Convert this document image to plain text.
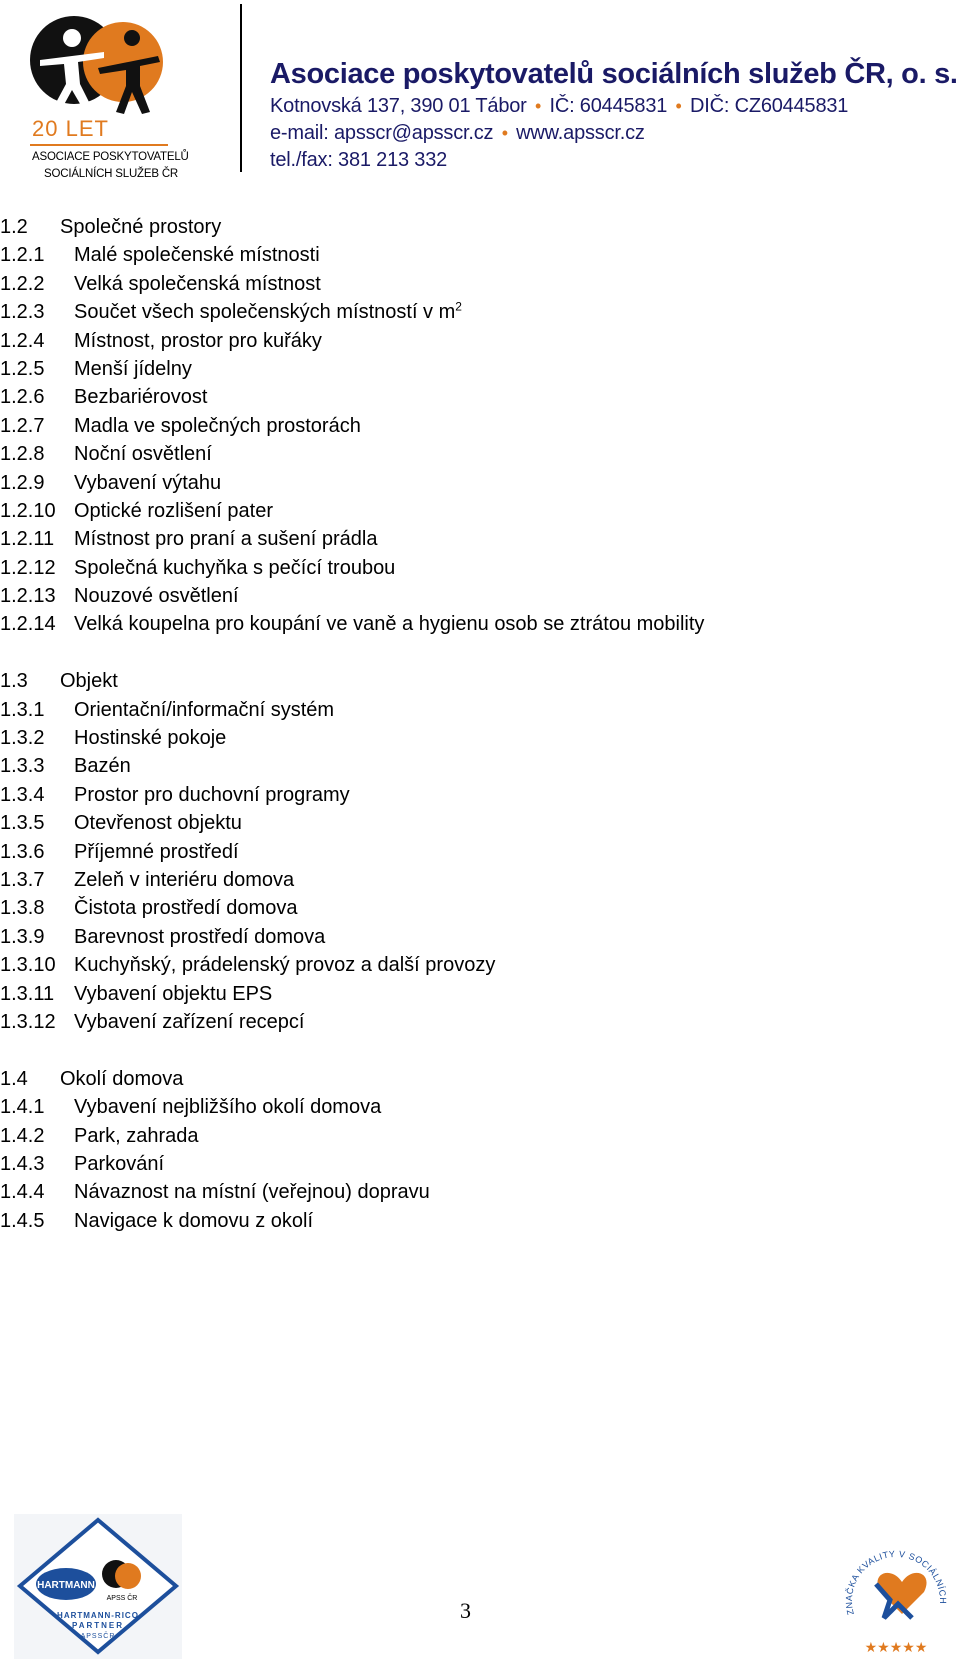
20 LET
ASOCIACE POSKYTOVATELŮ
SOCIÁLNÍCH SLUŽEB ČR
Asociace poskytovatelů sociálních služeb ČR, o. s.
Kotnovská 137, 390 01 Tábor • IČ: 60445831 • DIČ: CZ60445831
e-mail: apsscr@apsscr.cz • www.apsscr.cz
tel./fax: 381 213 332
1.2 Společné prostory
1.2.1 Malé společenské místnosti
1.2.2 Velká společenská místnost
1.2.3 Součet všech společenských místností v $m^2$
1.2.4 Místnost, prostor pro kuřáky
1.2.5 Menší jídelny
1.2.6 Bezbariérovost
1.2.7 Madla ve společných prostorách
1.2.8 Noční osvětlení
1.2.9 Vybavení výtahu
1.2.10 Optické rozlišení pater
1.2.11 Místnost pro praní a sušení prádla
1.2.12 Společná kuchyňka s pečící troubou
1.2.13 Nouzové osvětlení
1.2.14 Velká koupelna pro koupání ve vaně a hygienu osob se ztrátou mobility
1.3 Objekt
1.3.1 Orientační/informační systém
1.3.2 Hostinské pokoje
1.3.3 Bazén
1.3.4 Prostor pro duchovní programy
1.3.5 Otevřenost objektu
1.3.6 Příjemné prostředí
1.3.7 Zeleň v interiéru domova
1.3.8 Čistota prostředí domova
1.3.9 Barevnost prostředí domova
1.3.10 Kuchyňský, prádelenský provoz a další provozy
1.3.11 Vybavení objektu EPS
1.3.12 Vybavení zařízení recepcí
1.4 Okolí domova
1.4.1 Vybavení nejbližšího okolí domova
1.4.2 Park, zahrada
1.4.3 Parkování
1.4.4 Návaznost na místní (veřejnou) dopravu
1.4.5 Navigace k domovu z okolí
HARTMANN
APSS ČR
HARTMANN-RICO
PARTNER
APSSČR
3	ZNAČKA KVALITY V SOCIÁLNÍCH
★★★★★
